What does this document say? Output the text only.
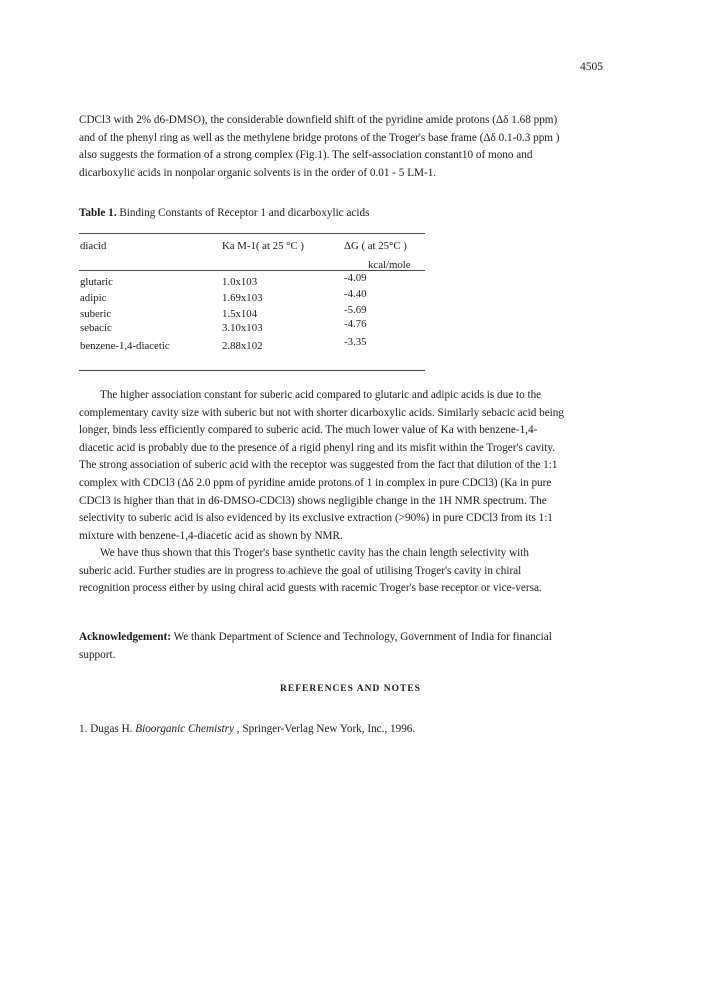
4505

CDCl3 with 2% d6-DMSO), the considerable downfield shift of the pyridine amide protons (Δδ 1.68 ppm)
and of the phenyl ring as well as the methylene bridge protons of the Troger's base frame (Δδ 0.1-0.3 ppm )
also suggests the formation of a strong complex (Fig.1). The self-association constant10 of mono and
dicarboxylic acids in nonpolar organic solvents is in the order of 0.01 - 5 LM-1.

Table 1. Binding Constants of Receptor 1 and dicarboxylic acids
diacid	Ka M-1( at 25 °C )	ΔG ( at 25°C )
kcal/mole
glutaric	1.0x103	-4.09
adipic	1.69x103	-4.40
suberic	1.5x104	-5.69
sebacic	3.10x103	-4.76
benzene-1,4-diacetic	2.88x102	-3.35

The higher association constant for suberic acid compared to glutaric and adipic acids is due to the
complementary cavity size with suberic but not with shorter dicarboxylic acids. Similarly sebacic acid being
longer, binds less efficiently compared to suberic acid. The much lower value of Ka with benzene-1,4-
diacetic acid is probably due to the presence of a rigid phenyl ring and its misfit within the Troger's cavity.
The strong association of suberic acid with the receptor was suggested from the fact that dilution of the 1:1
complex with CDCl3 (Δδ 2.0 ppm of pyridine amide protons of 1 in complex in pure CDCl3) (Ka in pure
CDCl3 is higher than that in d6-DMSO-CDCl3) shows negligible change in the 1H NMR spectrum. The
selectivity to suberic acid is also evidenced by its exclusive extraction (>90%) in pure CDCl3 from its 1:1
mixture with benzene-1,4-diacetic acid as shown by NMR.

We have thus shown that this Troger's base synthetic cavity has the chain length selectivity with
suberic acid. Further studies are in progress to achieve the goal of utilising Troger's cavity in chiral
recognition process either by using chiral acid guests with racemic Troger's base receptor or vice-versa.

Acknowledgement: We thank Department of Science and Technology, Government of India for financial
support.

REFERENCES AND NOTES
1. Dugas H. Bioorganic Chemistry , Springer-Verlag New York, Inc., 1996.
